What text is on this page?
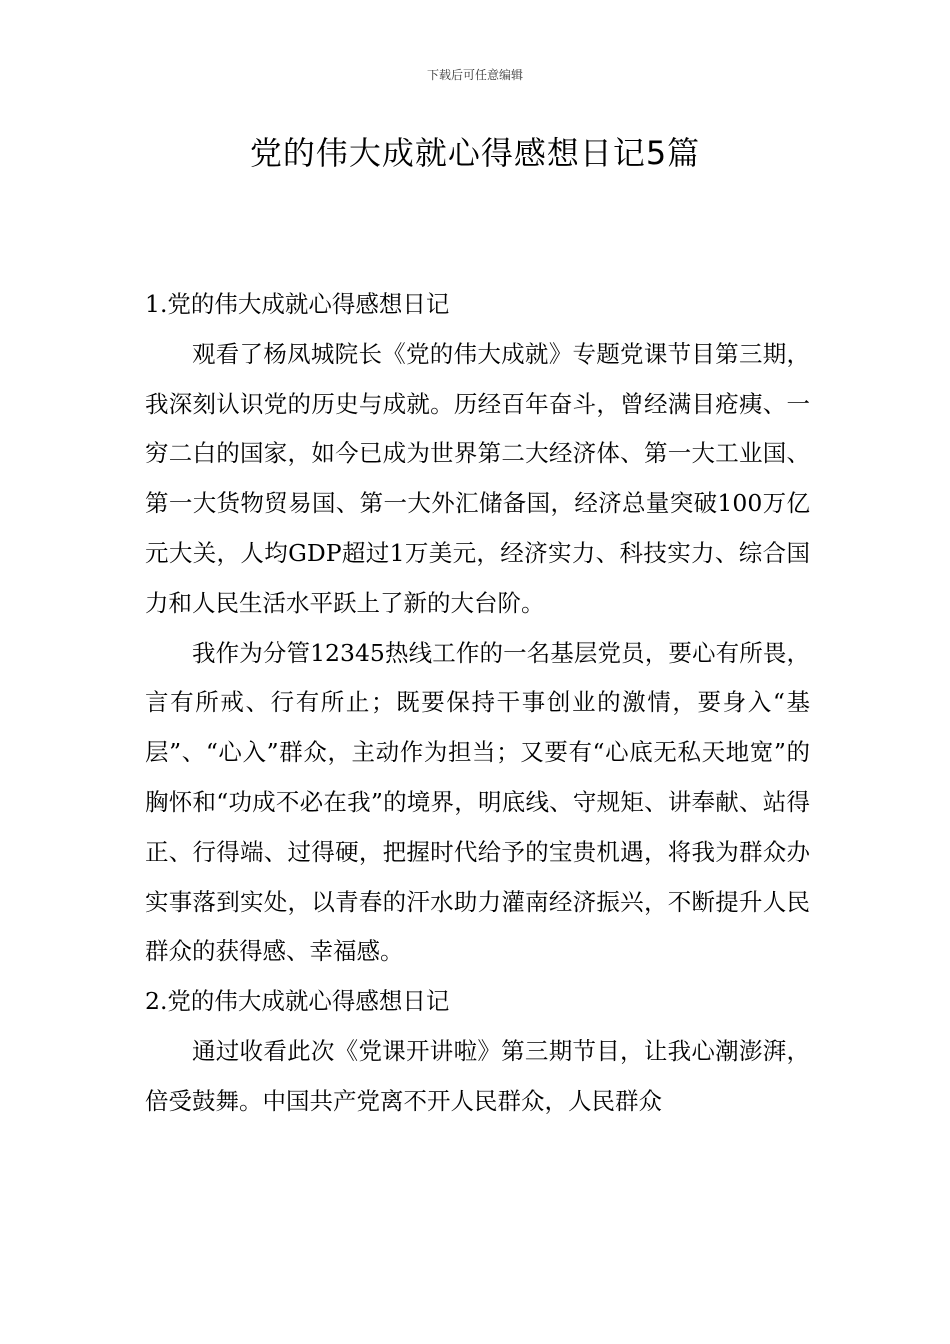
下载后可任意编辑
党的伟大成就心得感想日记5篇

1.党的伟大成就心得感想日记

观看了杨凤城院长《党的伟大成就》专题党课节目第三期，我深刻认识党的历史与成就。历经百年奋斗，曾经满目疮痍、一穷二白的国家，如今已成为世界第二大经济体、第一大工业国、第一大货物贸易国、第一大外汇储备国，经济总量突破100万亿元大关，人均GDP超过1万美元，经济实力、科技实力、综合国力和人民生活水平跃上了新的大台阶。

我作为分管12345热线工作的一名基层党员，要心有所畏，言有所戒、行有所止；既要保持干事创业的激情，要身入“基层”、“心入”群众，主动作为担当；又要有“心底无私天地宽”的胸怀和“功成不必在我”的境界，明底线、守规矩、讲奉献、站得正、行得端、过得硬，把握时代给予的宝贵机遇，将我为群众办实事落到实处，以青春的汗水助力灌南经济振兴，不断提升人民群众的获得感、幸福感。

2.党的伟大成就心得感想日记

通过收看此次《党课开讲啦》第三期节目，让我心潮澎湃，倍受鼓舞。中国共产党离不开人民群众，人民群众
